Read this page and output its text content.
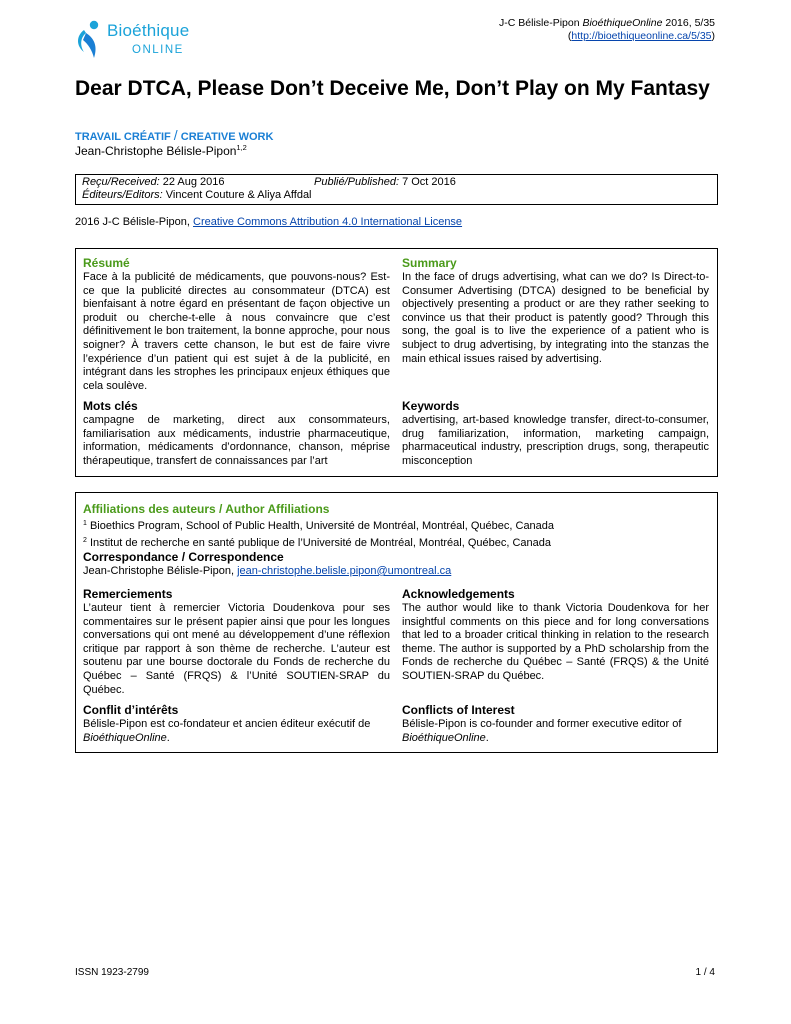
Bioéthique
ONLINE
J-C Bélisle-Pipon BioéthiqueOnline 2016, 5/35
(http://bioethiqueonline.ca/5/35)
Dear DTCA, Please Don’t Deceive Me, Don’t Play on My Fantasy
TRAVAIL CRÉATIF / CREATIVE WORK
Jean-Christophe Bélisle-Pipon$^{1,2}$
Reçu/Received: 22 Aug 2016	Publié/Published: 7 Oct 2016
Éditeurs/Editors: Vincent Couture & Aliya Affdal
2016 J-C Bélisle-Pipon, Creative Commons Attribution 4.0 International License
Résumé
Face à la publicité de médicaments, que pouvons-nous? Est-ce que la publicité directes au consommateur (DTCA) est bienfaisant à notre égard en présentant de façon objective un produit ou cherche-t-elle à nous convaincre que c’est définitivement le bon traitement, la bonne approche, pour nous soigner? À travers cette chanson, le but est de faire vivre l’expérience d’un patient qui est sujet à de la publicité, en intégrant dans les strophes les principaux enjeux éthiques que cela soulève.
Summary
In the face of drugs advertising, what can we do? Is Direct-to-Consumer Advertising (DTCA) designed to be beneficial by objectively presenting a product or are they rather seeking to convince us that their product is patently good? Through this song, the goal is to live the experience of a patient who is subject to drug advertising, by integrating into the stanzas the main ethical issues raised by advertising.
Mots clés
campagne de marketing, direct aux consommateurs, familiarisation aux médicaments, industrie pharmaceutique, information, médicaments d’ordonnance, chanson, méprise thérapeutique, transfert de connaissances par l’art
Keywords
advertising, art-based knowledge transfer, direct-to-consumer, drug familiarization, information, marketing campaign, pharmaceutical industry, prescription drugs, song, therapeutic misconception
Affiliations des auteurs / Author Affiliations
$^1$ Bioethics Program, School of Public Health, Université de Montréal, Montréal, Québec, Canada
$^2$ Institut de recherche en santé publique de l’Université de Montréal, Montréal, Québec, Canada
Correspondance / Correspondence
Jean-Christophe Bélisle-Pipon, jean-christophe.belisle.pipon@umontreal.ca
Remerciements
L’auteur tient à remercier Victoria Doudenkova pour ses commentaires sur le présent papier ainsi que pour les longues conversations qui ont mené au développement d’une réflexion critique par rapport à son thème de recherche. L’auteur est soutenu par une bourse doctorale du Fonds de recherche du Québec – Santé (FRQS) & l’Unité SOUTIEN-SRAP du Québec.
Acknowledgements
The author would like to thank Victoria Doudenkova for her insightful comments on this piece and for long conversations that led to a broader critical thinking in relation to the research theme. The author is supported by a PhD scholarship from the Fonds de recherche du Québec – Santé (FRQS) & the Unité SOUTIEN-SRAP du Québec.
Conflit d’intérêts
Bélisle-Pipon est co-fondateur et ancien éditeur exécutif de BioéthiqueOnline.
Conflicts of Interest
Bélisle-Pipon is co-founder and former executive editor of BioéthiqueOnline.
ISSN 1923-2799	1 / 4
